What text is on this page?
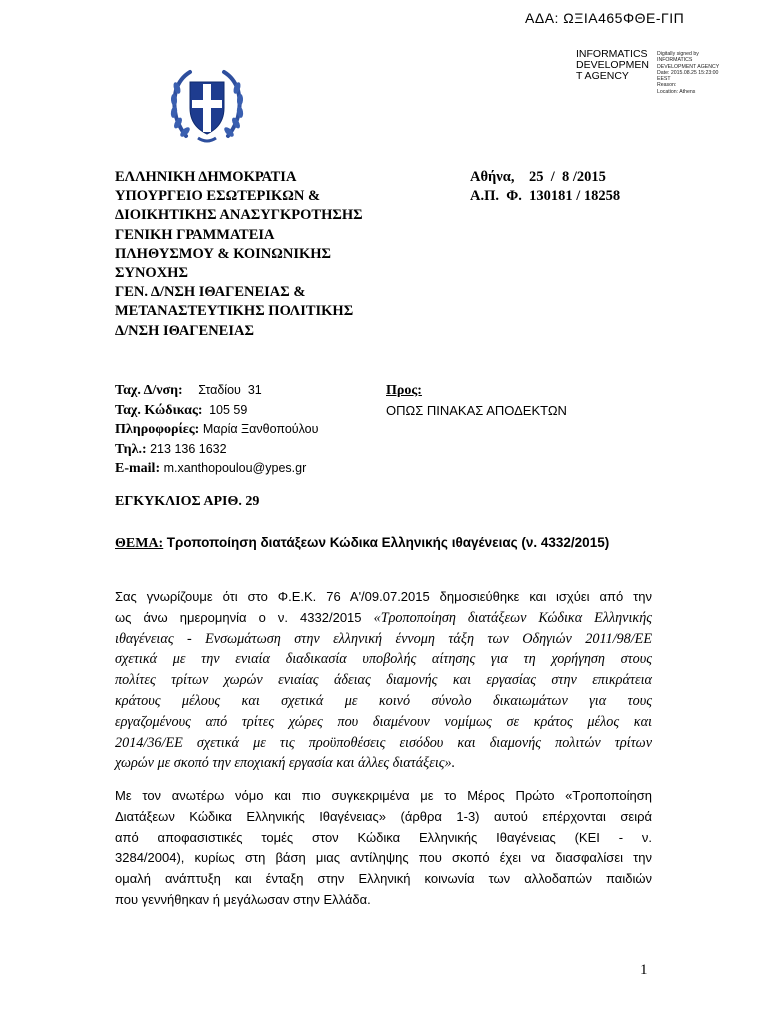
ΑΔΑ: ΩΞΙΑ465ΦΘΕ-ΓΙΠ
INFORMATICS
DEVELOPMEN
T AGENCY
Digitally signed by
INFORMATICS
DEVELOPMENT AGENCY
Date: 2015.08.25 15:23:00
EEST
Reason:
Location: Athens
ΕΛΛΗΝΙΚΗ ΔΗΜΟΚΡΑΤΙΑ
ΥΠΟΥΡΓΕΙΟ ΕΣΩΤΕΡΙΚΩΝ &
ΔΙΟΙΚΗΤΙΚΗΣ ΑΝΑΣΥΓΚΡΟΤΗΣΗΣ
ΓΕΝΙΚΗ ΓΡΑΜΜΑΤΕΙΑ
ΠΛΗΘΥΣΜΟΥ & ΚΟΙΝΩΝΙΚΗΣ
ΣΥΝΟΧΗΣ
ΓΕΝ. Δ/ΝΣΗ ΙΘΑΓΕΝΕΙΑΣ &
ΜΕΤΑΝΑΣΤΕΥΤΙΚΗΣ ΠΟΛΙΤΙΚΗΣ
Δ/ΝΣΗ ΙΘΑΓΕΝΕΙΑΣ
Αθήνα,    25  /  8 /2015
Α.Π.  Φ.  130181 / 18258
Ταχ. Δ/νση: Σταδίου  31
Ταχ. Κώδικας: 105 59
Πληροφορίες: Μαρία Ξανθοπούλου
Τηλ.: 213 136 1632
E-mail: m.xanthopoulou@ypes.gr
Προς:
ΟΠΩΣ ΠΙΝΑΚΑΣ ΑΠΟΔΕΚΤΩΝ
ΕΓΚΥΚΛΙΟΣ ΑΡΙΘ. 29
ΘΕΜΑ: Τροποποίηση διατάξεων Κώδικα Ελληνικής ιθαγένειας (ν. 4332/2015)
Σας γνωρίζουμε ότι στο Φ.Ε.Κ. 76 Α'/09.07.2015 δημοσιεύθηκε και ισχύει από την
ως άνω ημερομηνία ο ν. 4332/2015 «Τροποποίηση διατάξεων Κώδικα Ελληνικής
ιθαγένειας - Ενσωμάτωση στην ελληνική έννομη τάξη των Οδηγιών 2011/98/ΕΕ
σχετικά με την ενιαία διαδικασία υποβολής αίτησης για τη χορήγηση στους
πολίτες τρίτων χωρών ενιαίας άδειας διαμονής και εργασίας στην επικράτεια
κράτους μέλους και σχετικά με κοινό σύνολο δικαιωμάτων για τους
εργαζομένους από τρίτες χώρες που διαμένουν νομίμως σε κράτος μέλος και
2014/36/ΕΕ σχετικά με τις προϋποθέσεις εισόδου και διαμονής πολιτών τρίτων
χωρών με σκοπό την εποχιακή εργασία και άλλες διατάξεις».
Με τον ανωτέρω νόμο και πιο συγκεκριμένα με το Μέρος Πρώτο «Τροποποίηση
Διατάξεων Κώδικα Ελληνικής Ιθαγένειας» (άρθρα 1-3) αυτού επέρχονται σειρά
από αποφασιστικές τομές στον Κώδικα Ελληνικής Ιθαγένειας (ΚΕΙ - ν.
3284/2004), κυρίως στη βάση μιας αντίληψης που σκοπό έχει να διασφαλίσει την
ομαλή ανάπτυξη και ένταξη στην Ελληνική κοινωνία των αλλοδαπών παιδιών
που γεννήθηκαν ή μεγάλωσαν στην Ελλάδα.
1
